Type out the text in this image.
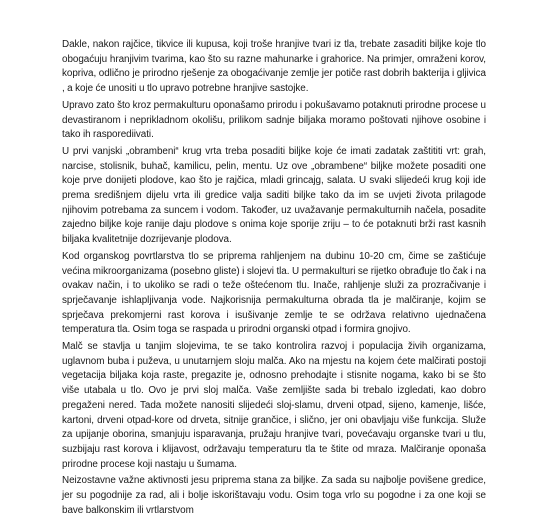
Dakle, nakon rajčice, tikvice ili kupusa, koji troše hranjive tvari iz tla, trebate zasaditi biljke koje tlo obogaćuju hranjivim tvarima, kao što su razne mahunarke i grahorice. Na primjer, omraženi korov, kopriva, odlično je prirodno rješenje za obogaćivanje zemlje jer potiče rast dobrih bakterija i gljivica , a koje će unositi u tlo upravo potrebne hranjive sastojke.

Upravo zato što kroz permakulturu oponašamo prirodu i pokušavamo potaknuti prirodne procese u devastiranom i neprikladnom okolišu, prilikom sadnje biljaka moramo poštovati njihove osobine i tako ih rasporediivati.

U prvi vanjski „obrambeni“ krug vrta treba posaditi biljke koje će imati zadatak zaštititi vrt: grah, narcise, stolisnik, buhač, kamilicu, pelin, mentu. Uz ove „obrambene“ biljke možete posaditi one koje prve donijeti plodove, kao što je rajčica, mladi grincajg, salata. U svaki slijedeći krug koji ide prema središnjem dijelu vrta ili gredice valja saditi biljke tako da im se uvjeti života prilagode njihovim potrebama za suncem i vodom. Također, uz uvažavanje permakulturnih načela, posadite zajedno biljke koje ranije daju plodove s onima koje sporije zriju – to će potaknuti brži rast kasnih biljaka kvalitetnije dozrijevanje plodova.

Kod organskog povrtlarstva tlo se priprema rahljenjem na dubinu 10-20 cm, čime se zaštićuje većina mikroorganizama (posebno gliste) i slojevi tla. U permakulturi se rijetko obrađuje tlo čak i na ovakav način, i to ukoliko se radi o teže oštećenom tlu. Inače, rahljenje služi za prozračivanje i sprječavanje ishlapljivanja vode. Najkorisnija permakulturna obrada tla je malčiranje, kojim se sprječava prekomjerni rast korova i isušivanje zemlje te se održava relativno ujednačena temperatura tla. Osim toga se raspada u prirodni organski otpad i formira gnojivo.

Malč se stavlja u tanjim slojevima, te se tako kontrolira razvoj i populacija živih organizama, uglavnom buba i puževa, u unutarnjem sloju malča. Ako na mjestu na kojem ćete malčirati postoji vegetacija biljaka koja raste, pregazite je, odnosno prehodajte i stisnite nogama, kako bi se što više utabala u tlo. Ovo je prvi sloj malča. Vaše zemljište sada bi trebalo izgledati, kao dobro pregaženi nered. Tada možete nanositi slijedeći sloj-slamu, drveni otpad, sijeno, kamenje, lišće, kartoni, drveni otpad-kore od drveta, sitnije grančice, i slično, jer oni obavljaju više funkcija. Služe za upijanje oborina, smanjuju isparavanja, pružaju hranjive tvari, povećavaju organske tvari u tlu, suzbijaju rast korova i klijavost, održavaju temperaturu tla te štite od mraza. Malčiranje oponaša prirodne procese koji nastaju u šumama.

Neizostavne važne aktivnosti jesu priprema stana za biljke. Za sada su najbolje povišene gredice, jer su pogodnije za rad, ali i bolje iskorištavaju vodu. Osim toga vrlo su pogodne i za one koji se bave balkonskim ili vrtlarstvom
